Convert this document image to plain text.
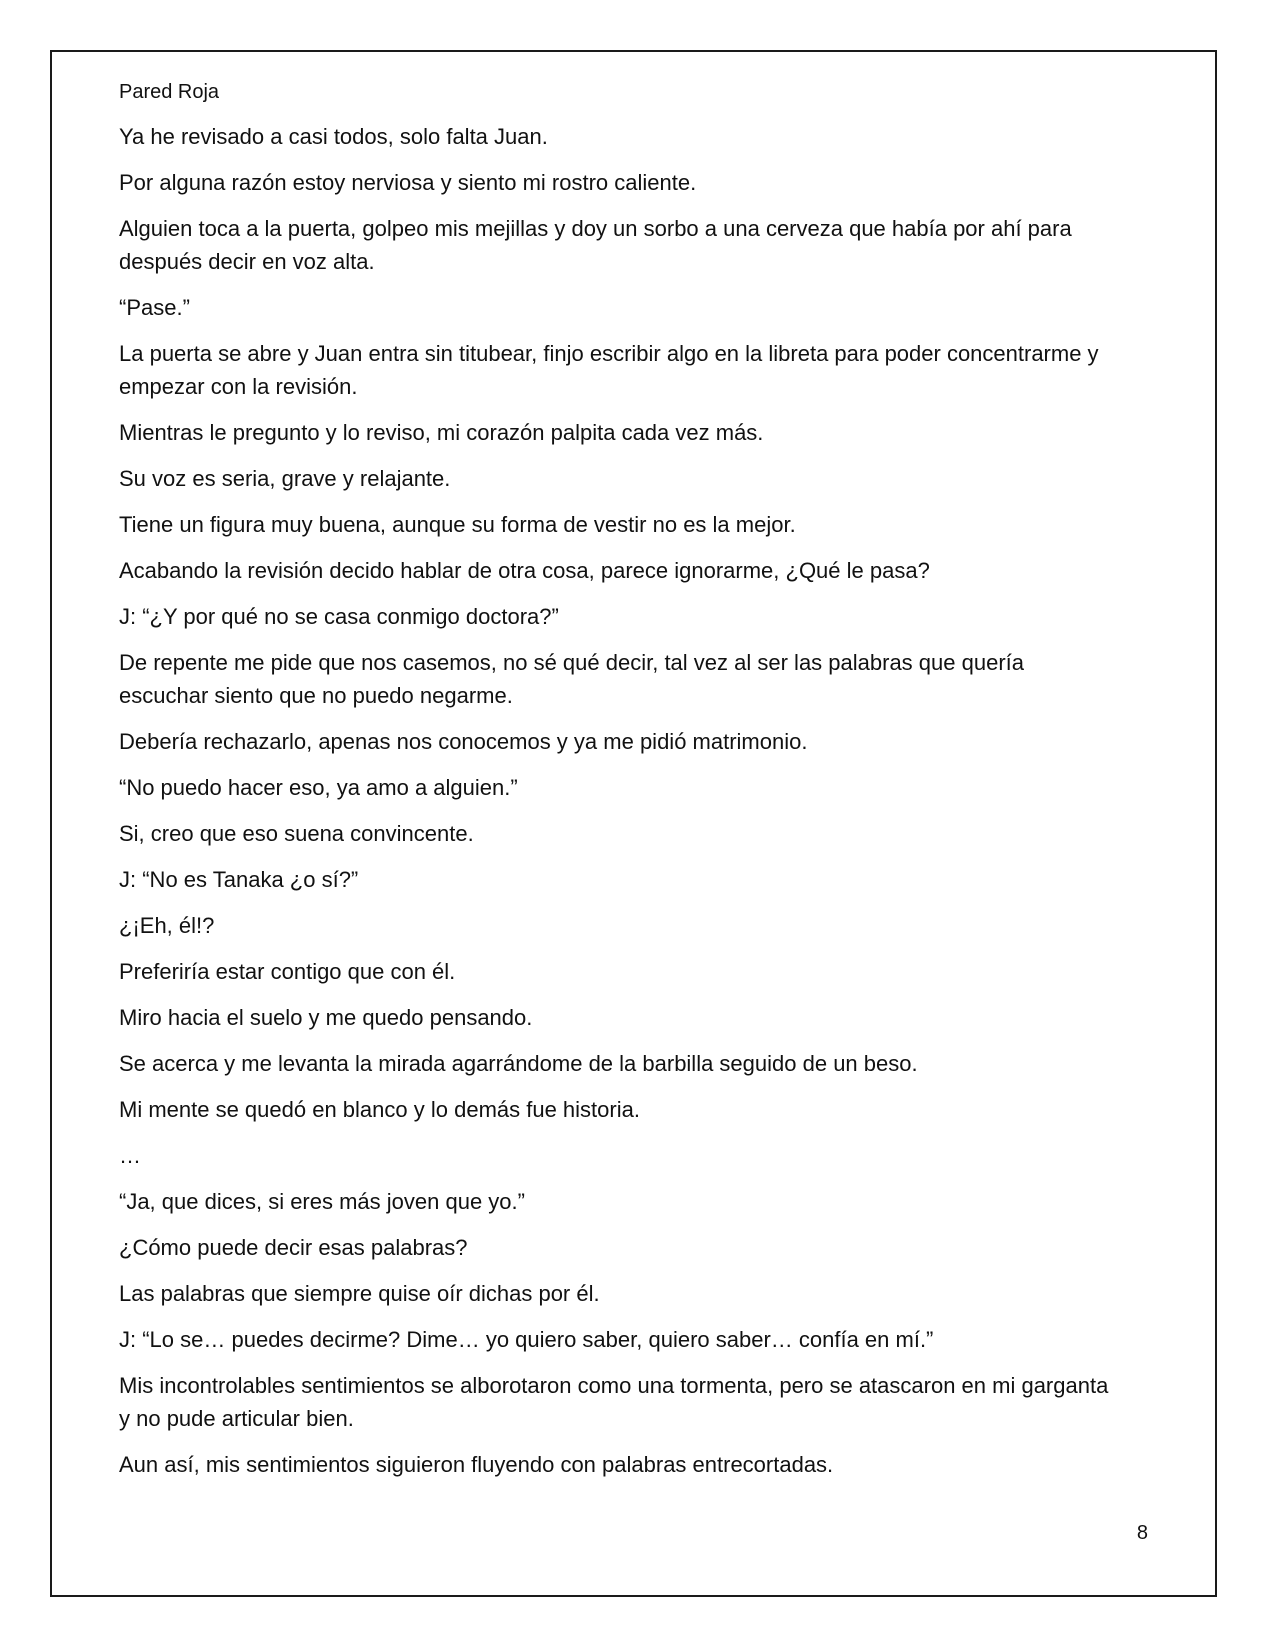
Pared Roja

Ya he revisado a casi todos, solo falta Juan.

Por alguna razón estoy nerviosa y siento mi rostro caliente.

Alguien toca a la puerta, golpeo mis mejillas y doy un sorbo a una cerveza que había por ahí para después decir en voz alta.

“Pase.”

La puerta se abre y Juan entra sin titubear, finjo escribir algo en la libreta para poder concentrarme y empezar con la revisión.

Mientras le pregunto y lo reviso, mi corazón palpita cada vez más.

Su voz es seria, grave y relajante.

Tiene un figura muy buena, aunque su forma de vestir no es la mejor.

Acabando la revisión decido hablar de otra cosa, parece ignorarme, ¿Qué le pasa?

J: “¿Y por qué no se casa conmigo doctora?”

De repente me pide que nos casemos, no sé qué decir, tal vez al ser las palabras que quería escuchar siento que no puedo negarme.

Debería rechazarlo, apenas nos conocemos y ya me pidió matrimonio.

“No puedo hacer eso, ya amo a alguien.”

Si, creo que eso suena convincente.

J: “No es Tanaka ¿o sí?”

¿¡Eh, él!?

Preferiría estar contigo que con él.

Miro hacia el suelo y me quedo pensando.

Se acerca y me levanta la mirada agarrándome de la barbilla seguido de un beso.

Mi mente se quedó en blanco y lo demás fue historia.

…

“Ja, que dices, si eres más joven que yo.”

¿Cómo puede decir esas palabras?

Las palabras que siempre quise oír dichas por él.

J: “Lo se… puedes decirme? Dime… yo quiero saber, quiero saber… confía en mí.”

Mis incontrolables sentimientos se alborotaron como una tormenta, pero se atascaron en mi garganta y no pude articular bien.

Aun así, mis sentimientos siguieron fluyendo con palabras entrecortadas.

8
